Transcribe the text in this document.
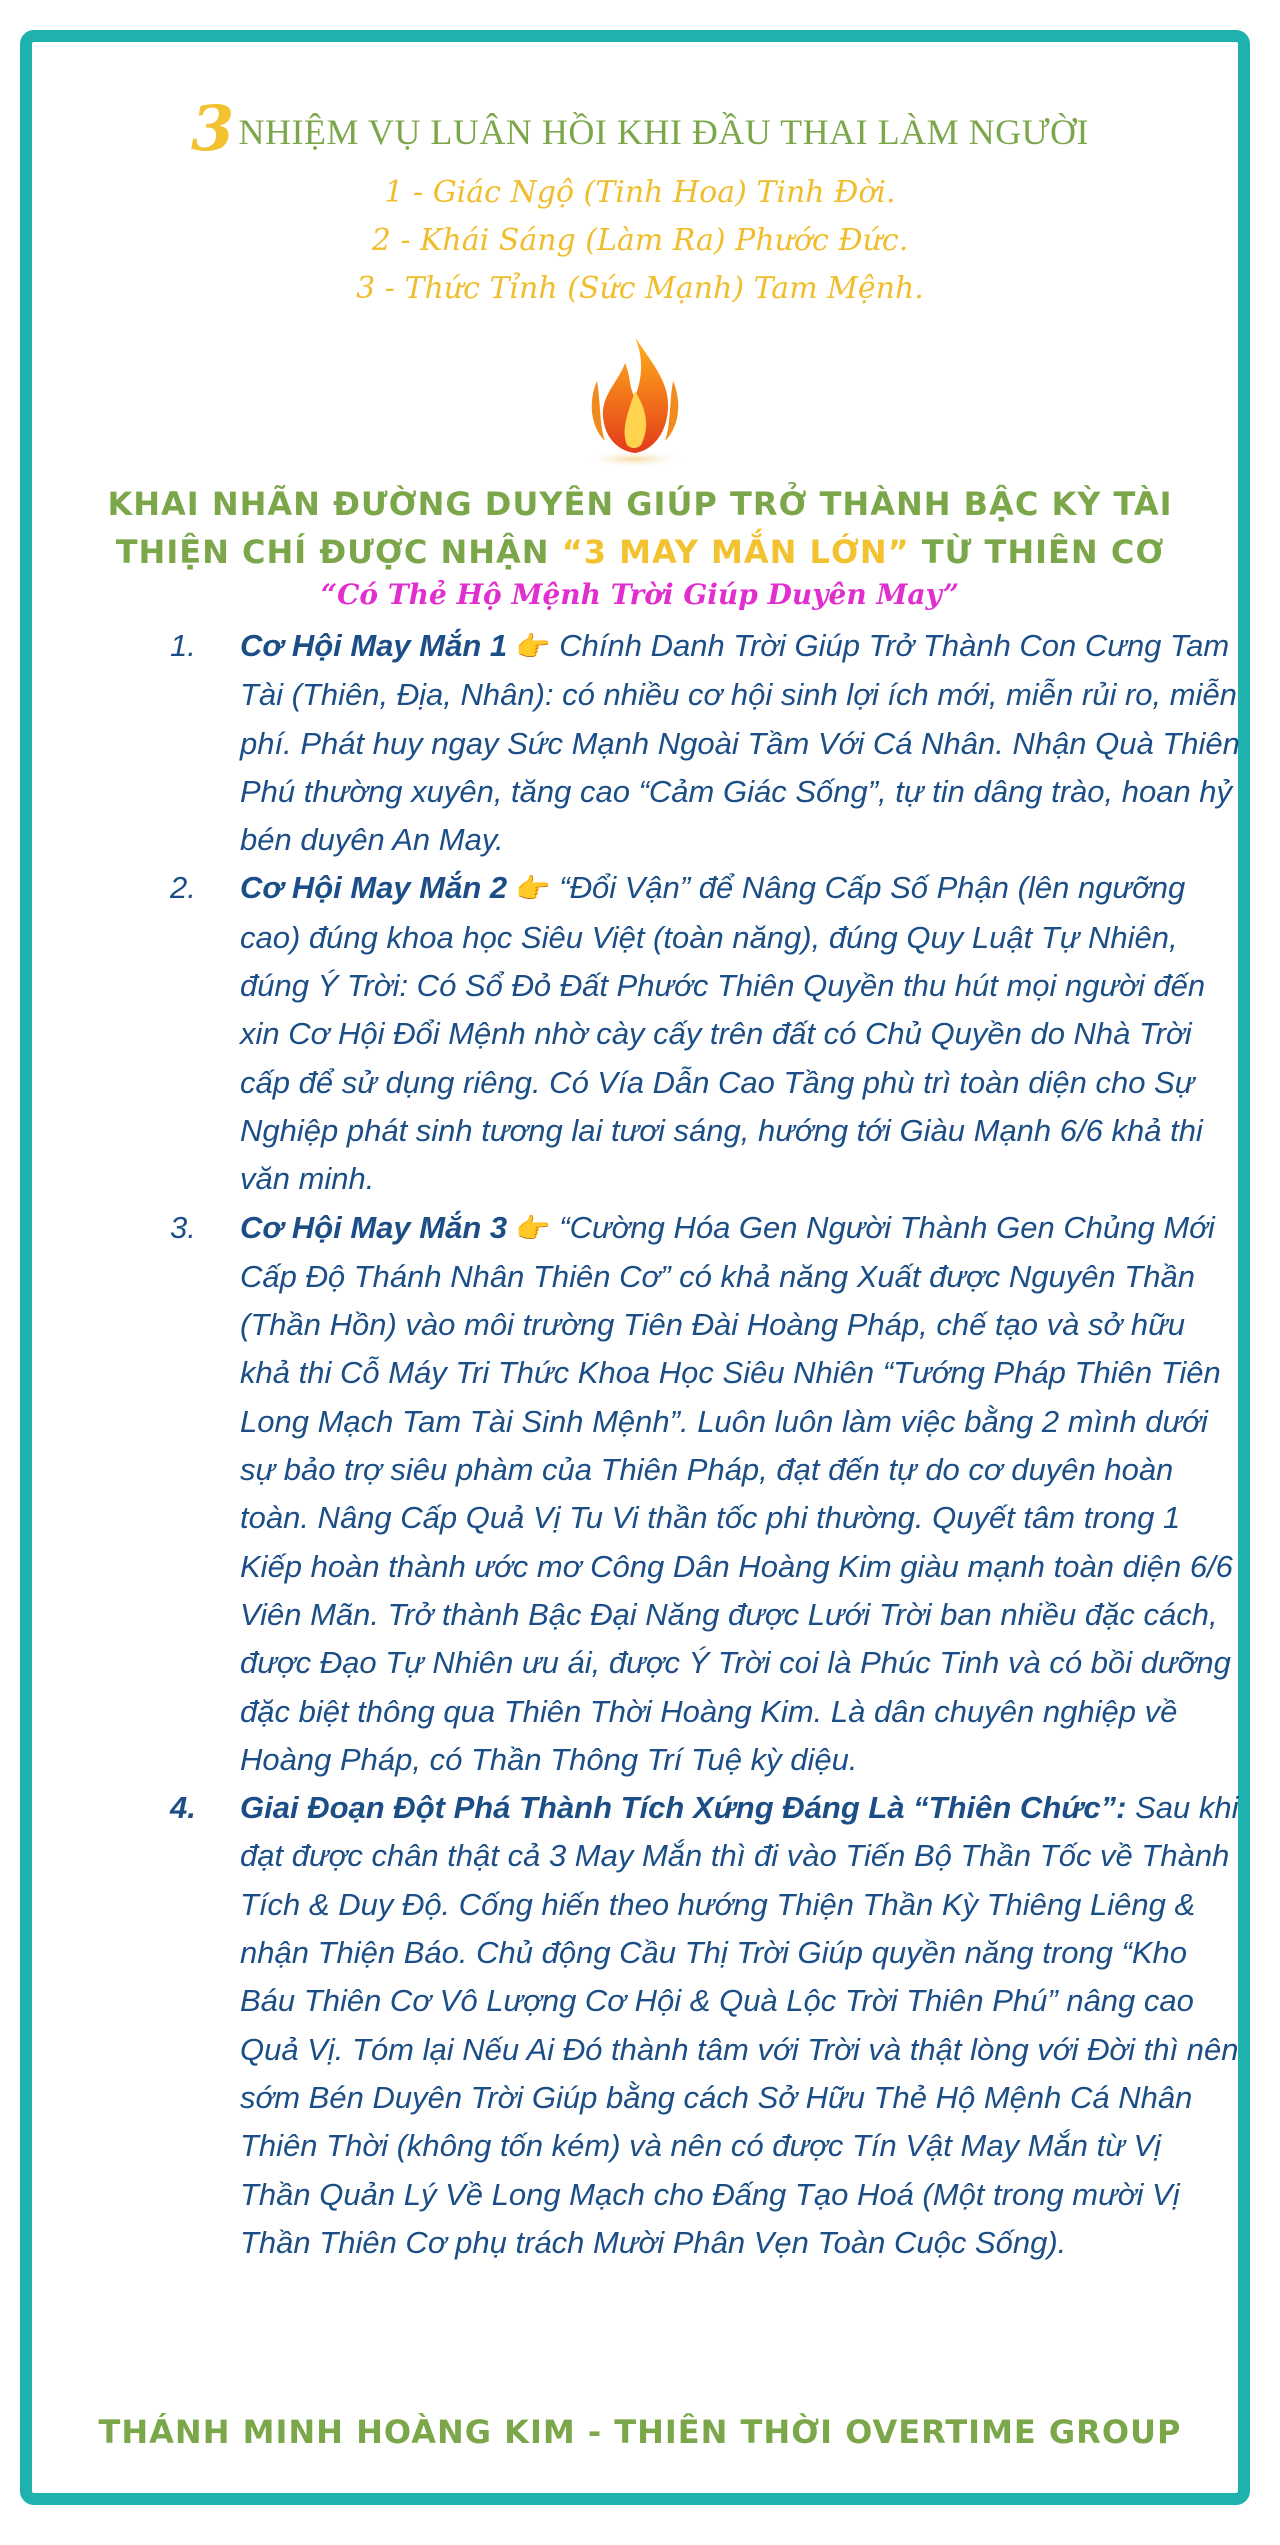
3 NHIỆM VỤ LUÂN HỒI KHI ĐẦU THAI LÀM NGƯỜI
1 - Giác Ngộ (Tinh Hoa) Tinh Đời.
2 - Khái Sáng (Làm Ra) Phước Đức.
3 - Thức Tỉnh (Sức Mạnh) Tam Mệnh.
KHAI NHÃN ĐƯỜNG DUYÊN GIÚP TRỞ THÀNH BẬC KỲ TÀI
THIỆN CHÍ ĐƯỢC NHẬN “3 MAY MẮN LỚN” TỪ THIÊN CƠ
“Có Thẻ Hộ Mệnh Trời Giúp Duyên May”
1. Cơ Hội May Mắn 1 👉 Chính Danh Trời Giúp Trở Thành Con Cưng Tam Tài (Thiên, Địa, Nhân): có nhiều cơ hội sinh lợi ích mới, miễn rủi ro, miễn phí. Phát huy ngay Sức Mạnh Ngoài Tầm Với Cá Nhân. Nhận Quà Thiên Phú thường xuyên, tăng cao “Cảm Giác Sống”, tự tin dâng trào, hoan hỷ bén duyên An May.
2. Cơ Hội May Mắn 2 👉 “Đổi Vận” để Nâng Cấp Số Phận (lên ngưỡng cao) đúng khoa học Siêu Việt (toàn năng), đúng Quy Luật Tự Nhiên, đúng Ý Trời: Có Sổ Đỏ Đất Phước Thiên Quyền thu hút mọi người đến xin Cơ Hội Đổi Mệnh nhờ cày cấy trên đất có Chủ Quyền do Nhà Trời cấp để sử dụng riêng. Có Vía Dẫn Cao Tầng phù trì toàn diện cho Sự Nghiệp phát sinh tương lai tươi sáng, hướng tới Giàu Mạnh 6/6 khả thi văn minh.
3. Cơ Hội May Mắn 3 👉 “Cường Hóa Gen Người Thành Gen Chủng Mới Cấp Độ Thánh Nhân Thiên Cơ” có khả năng Xuất được Nguyên Thần (Thần Hồn) vào môi trường Tiên Đài Hoàng Pháp, chế tạo và sở hữu khả thi Cỗ Máy Tri Thức Khoa Học Siêu Nhiên “Tướng Pháp Thiên Tiên Long Mạch Tam Tài Sinh Mệnh”. Luôn luôn làm việc bằng 2 mình dưới sự bảo trợ siêu phàm của Thiên Pháp, đạt đến tự do cơ duyên hoàn toàn. Nâng Cấp Quả Vị Tu Vi thần tốc phi thường. Quyết tâm trong 1 Kiếp hoàn thành ước mơ Công Dân Hoàng Kim giàu mạnh toàn diện 6/6 Viên Mãn. Trở thành Bậc Đại Năng được Lưới Trời ban nhiều đặc cách, được Đạo Tự Nhiên ưu ái, được Ý Trời coi là Phúc Tinh và có bồi dưỡng đặc biệt thông qua Thiên Thời Hoàng Kim. Là dân chuyên nghiệp về Hoàng Pháp, có Thần Thông Trí Tuệ kỳ diệu.
4. Giai Đoạn Đột Phá Thành Tích Xứng Đáng Là “Thiên Chức”: Sau khi đạt được chân thật cả 3 May Mắn thì đi vào Tiến Bộ Thần Tốc về Thành Tích & Duy Độ. Cống hiến theo hướng Thiện Thần Kỳ Thiêng Liêng & nhận Thiện Báo. Chủ động Cầu Thị Trời Giúp quyền năng trong “Kho Báu Thiên Cơ Vô Lượng Cơ Hội & Quà Lộc Trời Thiên Phú” nâng cao Quả Vị. Tóm lại Nếu Ai Đó thành tâm với Trời và thật lòng với Đời thì nên sớm Bén Duyên Trời Giúp bằng cách Sở Hữu Thẻ Hộ Mệnh Cá Nhân Thiên Thời (không tốn kém) và nên có được Tín Vật May Mắn từ Vị Thần Quản Lý Về Long Mạch cho Đấng Tạo Hoá (Một trong mười Vị Thần Thiên Cơ phụ trách Mười Phân Vẹn Toàn Cuộc Sống).
THÁNH MINH HOÀNG KIM - THIÊN THỜI OVERTIME GROUP
